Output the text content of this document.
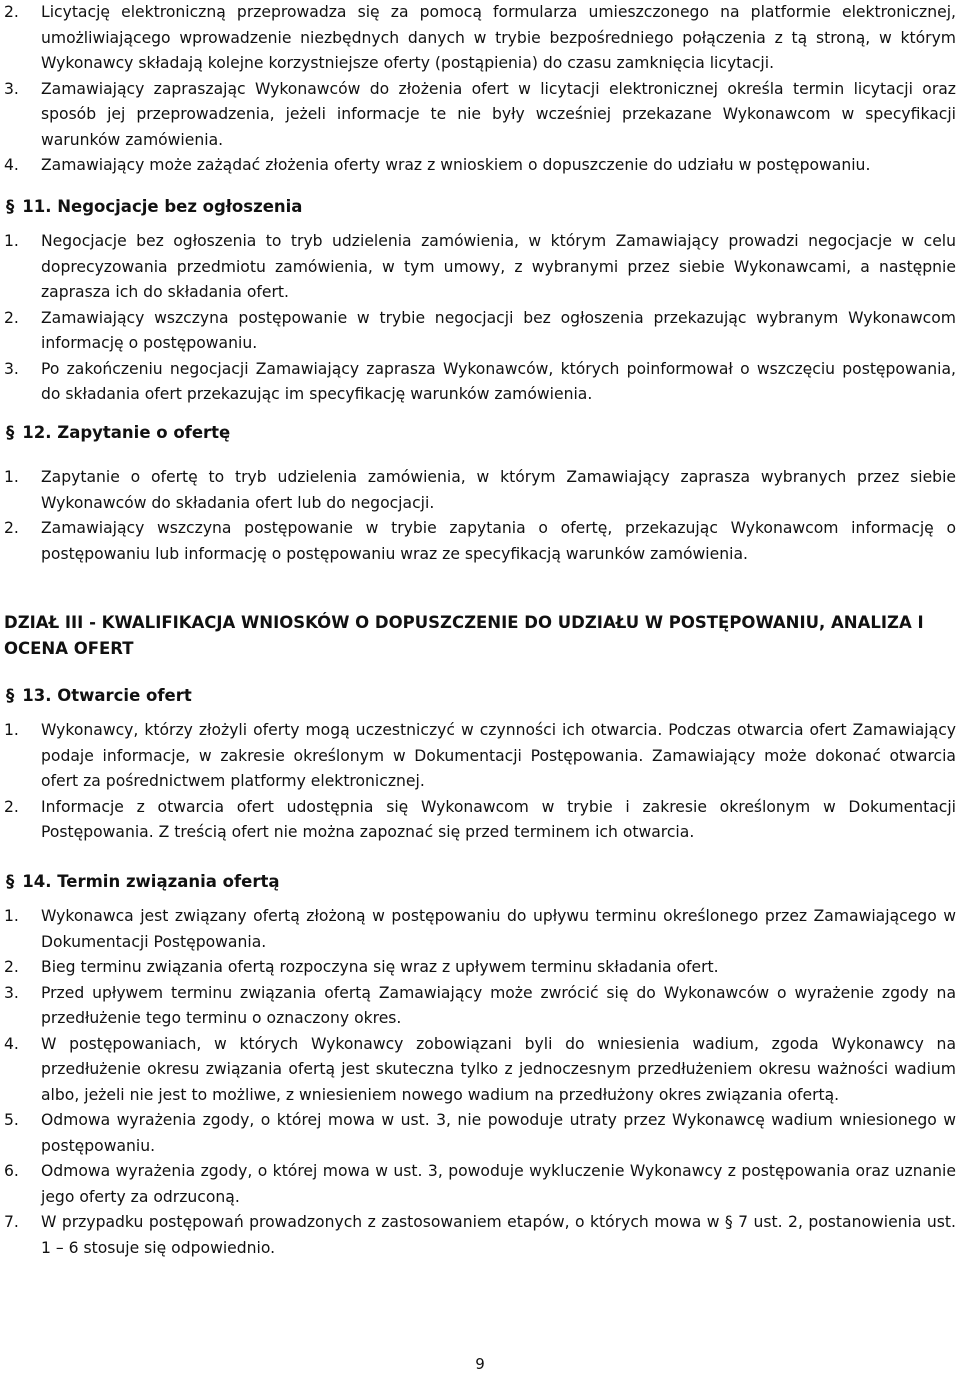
2. Licytację elektroniczną przeprowadza się za pomocą formularza umieszczonego na platformie elektronicznej, umożliwiającego wprowadzenie niezbędnych danych w trybie bezpośredniego połączenia z tą stroną, w którym Wykonawcy składają kolejne korzystniejsze oferty (postąpienia) do czasu zamknięcia licytacji.
3. Zamawiający zapraszając Wykonawców do złożenia ofert w licytacji elektronicznej określa termin licytacji oraz sposób jej przeprowadzenia, jeżeli informacje te nie były wcześniej przekazane Wykonawcom w specyfikacji warunków zamówienia.
4. Zamawiający może zażądać złożenia oferty wraz z wnioskiem o dopuszczenie do udziału w postępowaniu.
§ 11. Negocjacje bez ogłoszenia
1. Negocjacje bez ogłoszenia to tryb udzielenia zamówienia, w którym Zamawiający prowadzi negocjacje w celu doprecyzowania przedmiotu zamówienia, w tym umowy, z wybranymi przez siebie Wykonawcami, a następnie zaprasza ich do składania ofert.
2. Zamawiający wszczyna postępowanie w trybie negocjacji bez ogłoszenia przekazując wybranym Wykonawcom informację o postępowaniu.
3. Po zakończeniu negocjacji Zamawiający zaprasza Wykonawców, których poinformował o wszczęciu postępowania, do składania ofert przekazując im specyfikację warunków zamówienia.
§ 12. Zapytanie o ofertę
1. Zapytanie o ofertę to tryb udzielenia zamówienia, w którym Zamawiający zaprasza wybranych przez siebie Wykonawców do składania ofert lub do negocjacji.
2. Zamawiający wszczyna postępowanie w trybie zapytania o ofertę, przekazując Wykonawcom informację o postępowaniu lub informację o postępowaniu wraz ze specyfikacją warunków zamówienia.
DZIAŁ III - KWALIFIKACJA WNIOSKÓW O DOPUSZCZENIE DO UDZIAŁU W POSTĘPOWANIU, ANALIZA I OCENA OFERT
§ 13. Otwarcie ofert
1. Wykonawcy, którzy złożyli oferty mogą uczestniczyć w czynności ich otwarcia. Podczas otwarcia ofert Zamawiający podaje informacje, w zakresie określonym w Dokumentacji Postępowania. Zamawiający może dokonać otwarcia ofert za pośrednictwem platformy elektronicznej.
2. Informacje z otwarcia ofert udostępnia się Wykonawcom w trybie i zakresie określonym w Dokumentacji Postępowania. Z treścią ofert nie można zapoznać się przed terminem ich otwarcia.
§ 14. Termin związania ofertą
1. Wykonawca jest związany ofertą złożoną w postępowaniu do upływu terminu określonego przez Zamawiającego w Dokumentacji Postępowania.
2. Bieg terminu związania ofertą rozpoczyna się wraz z upływem terminu składania ofert.
3. Przed upływem terminu związania ofertą Zamawiający może zwrócić się do Wykonawców o wyrażenie zgody na przedłużenie tego terminu o oznaczony okres.
4. W postępowaniach, w których Wykonawcy zobowiązani byli do wniesienia wadium, zgoda Wykonawcy na przedłużenie okresu związania ofertą jest skuteczna tylko z jednoczesnym przedłużeniem okresu ważności wadium albo, jeżeli nie jest to możliwe, z wniesieniem nowego wadium na przedłużony okres związania ofertą.
5. Odmowa wyrażenia zgody, o której mowa w ust. 3, nie powoduje utraty przez Wykonawcę wadium wniesionego w postępowaniu.
6. Odmowa wyrażenia zgody, o której mowa w ust. 3, powoduje wykluczenie Wykonawcy z postępowania oraz uznanie jego oferty za odrzuconą.
7. W przypadku postępowań prowadzonych z zastosowaniem etapów, o których mowa w § 7 ust. 2, postanowienia ust. 1 – 6 stosuje się odpowiednio.
9
